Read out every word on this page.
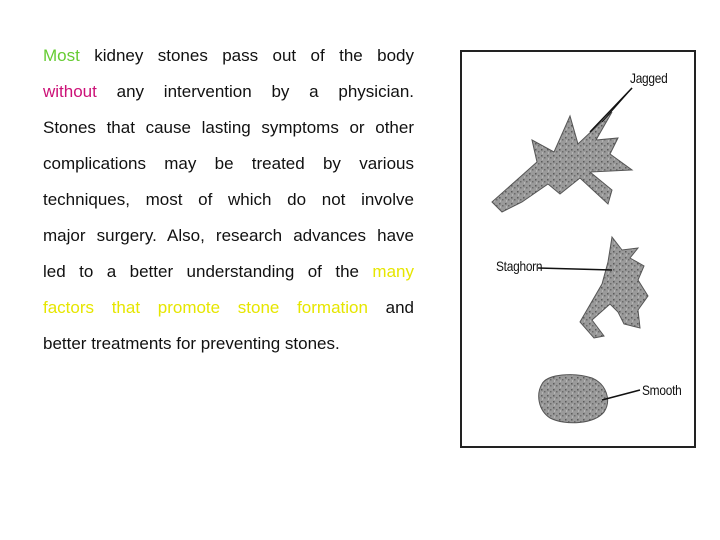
Most kidney stones pass out of the body
without any intervention by a physician.
Stones that cause lasting symptoms or other
complications may be treated by various
techniques, most of which do not involve
major surgery. Also, research advances have
led to a better understanding of the many
factors that promote stone formation and
better treatments for preventing stones.
Jagged
Staghorn
Smooth
